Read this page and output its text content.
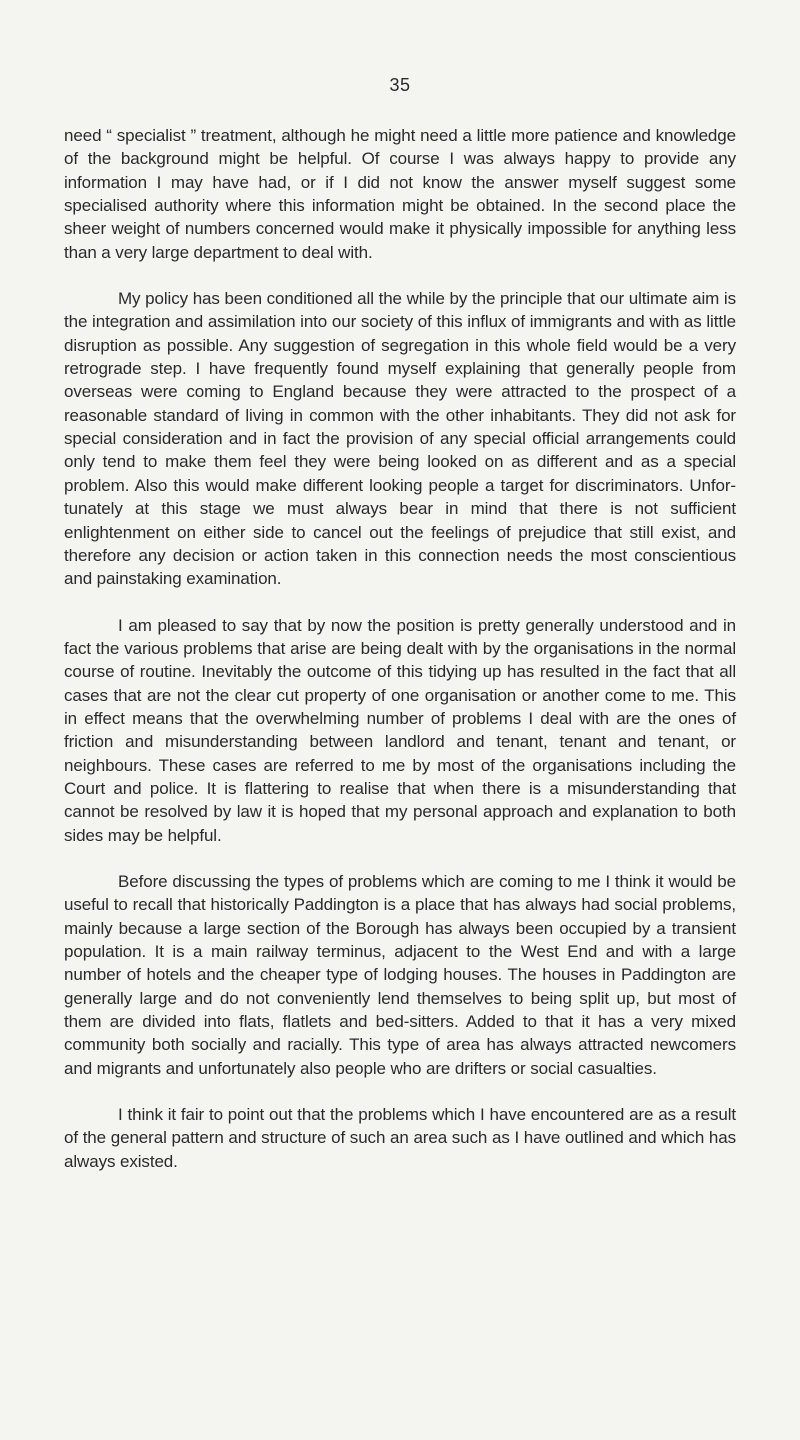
35

need “ specialist ” treatment, although he might need a little more patience and knowledge of the background might be helpful. Of course I was always happy to provide any information I may have had, or if I did not know the answer myself suggest some specialised authority where this information might be obtained. In the second place the sheer weight of numbers concerned would make it physically impossible for anything less than a very large department to deal with.

My policy has been conditioned all the while by the principle that our ultimate aim is the integration and assimilation into our society of this influx of immigrants and with as little disruption as possible. Any suggestion of segregation in this whole field would be a very retrograde step. I have frequently found myself explaining that generally people from overseas were coming to England because they were attracted to the prospect of a reasonable standard of living in common with the other inhabitants. They did not ask for special consideration and in fact the provision of any special official arrangements could only tend to make them feel they were being looked on as different and as a special problem. Also this would make different looking people a target for discriminators. Unfor-tunately at this stage we must always bear in mind that there is not sufficient enlightenment on either side to cancel out the feelings of prejudice that still exist, and therefore any decision or action taken in this connection needs the most conscientious and painstaking examination.

I am pleased to say that by now the position is pretty generally understood and in fact the various problems that arise are being dealt with by the organisations in the normal course of routine. Inevitably the outcome of this tidying up has resulted in the fact that all cases that are not the clear cut property of one organisation or another come to me. This in effect means that the overwhelming number of problems I deal with are the ones of friction and misunderstanding between landlord and tenant, tenant and tenant, or neighbours. These cases are referred to me by most of the organisations including the Court and police. It is flattering to realise that when there is a misunderstanding that cannot be resolved by law it is hoped that my personal approach and explanation to both sides may be helpful.

Before discussing the types of problems which are coming to me I think it would be useful to recall that historically Paddington is a place that has always had social problems, mainly because a large section of the Borough has always been occupied by a transient population. It is a main railway terminus, adjacent to the West End and with a large number of hotels and the cheaper type of lodging houses. The houses in Paddington are generally large and do not conveniently lend themselves to being split up, but most of them are divided into flats, flatlets and bed-sitters. Added to that it has a very mixed community both socially and racially. This type of area has always attracted newcomers and migrants and unfortunately also people who are drifters or social casualties.

I think it fair to point out that the problems which I have encountered are as a result of the general pattern and structure of such an area such as I have outlined and which has always existed.
